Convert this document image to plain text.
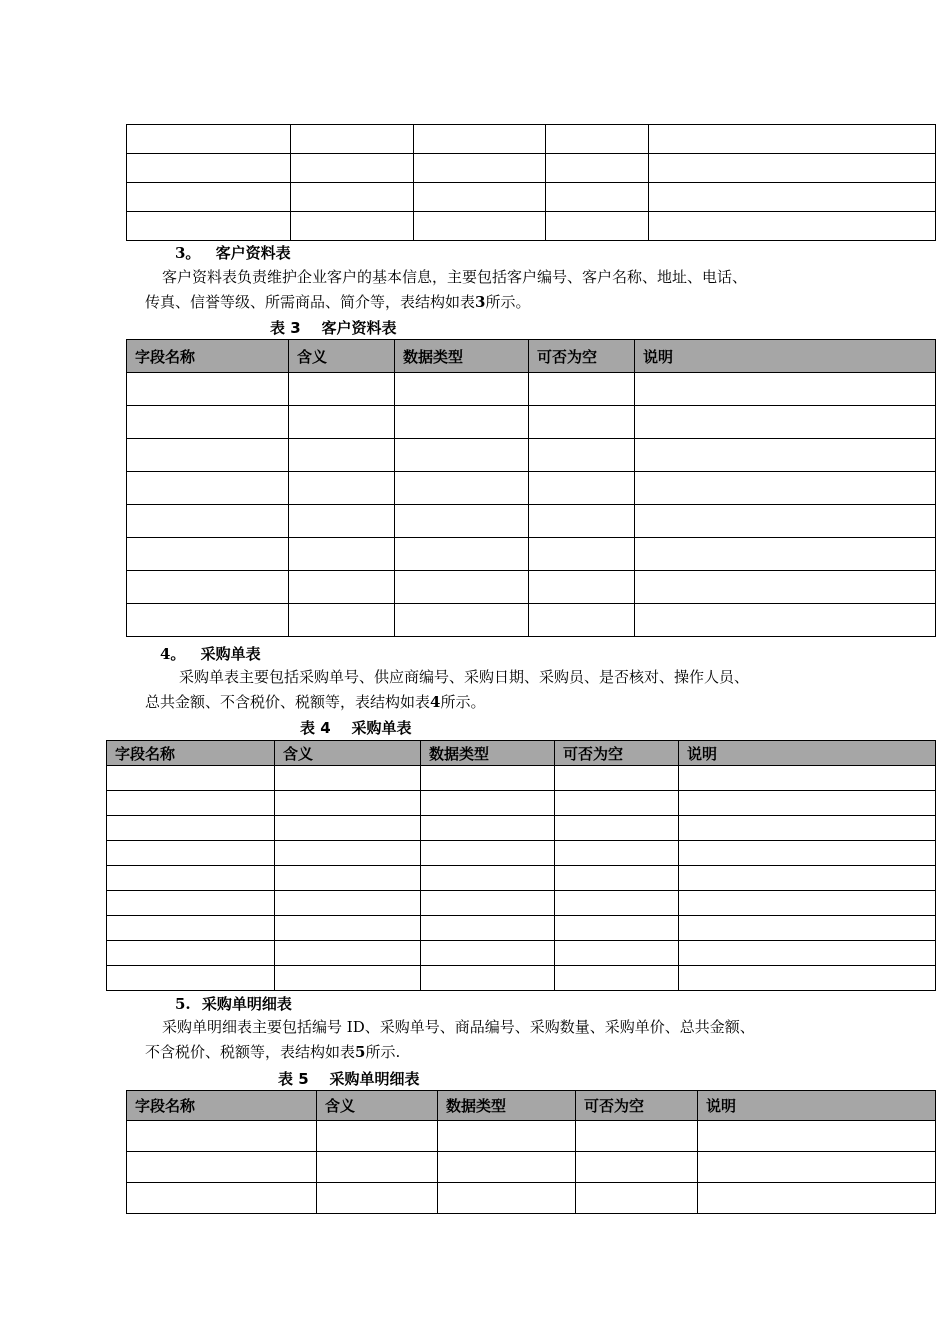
3。 客户资料表
客户资料表负责维护企业客户的基本信息，主要包括客户编号、客户名称、地址、电话、
传真、信誉等级、所需商品、简介等，表结构如表3所示。
表 3    客户资料表
字段名称	含义	数据类型	可否为空	说明

4。 采购单表
采购单表主要包括采购单号、供应商编号、采购日期、采购员、是否核对、操作人员、
总共金额、不含税价、税额等，表结构如表4所示。
表 4    采购单表
字段名称	含义	数据类型	可否为空	说明

5. 采购单明细表
采购单明细表主要包括编号 ID、采购单号、商品编号、采购数量、采购单价、总共金额、
不含税价、税额等，表结构如表5所示.
表 5    采购单明细表
字段名称	含义	数据类型	可否为空	说明
